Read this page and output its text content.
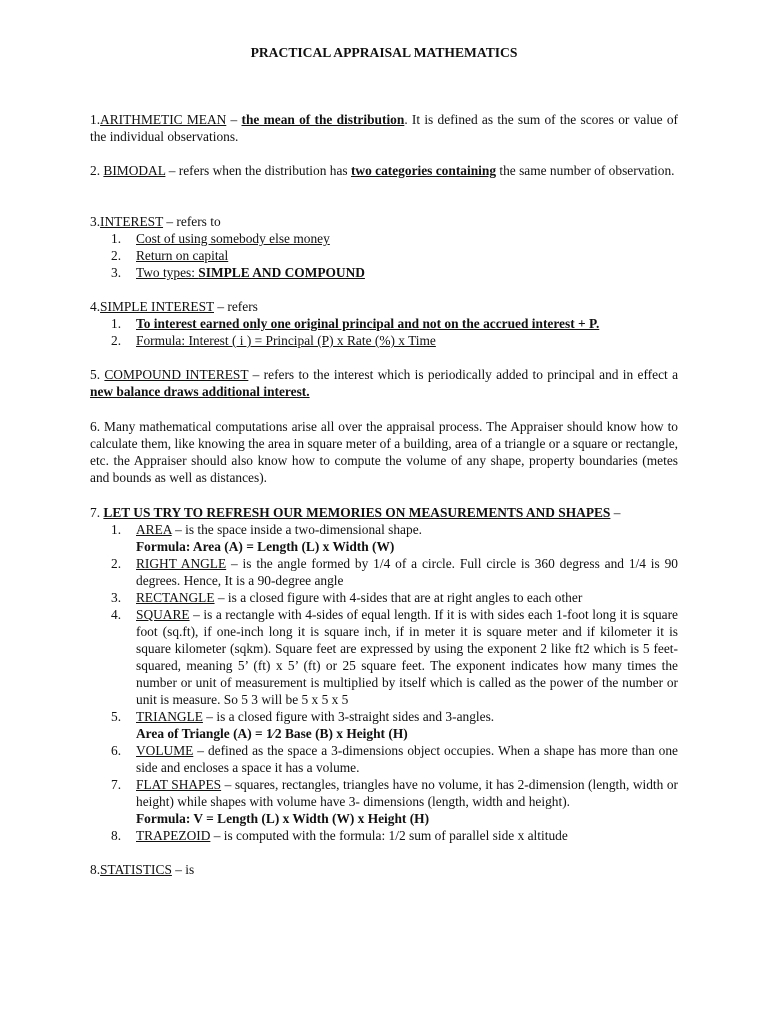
PRACTICAL APPRAISAL MATHEMATICS
1.ARITHMETIC MEAN – the mean of the distribution. It is defined as the sum of the scores or value of the individual observations.
2. BIMODAL – refers when the distribution has two categories containing the same number of observation.
3.INTEREST – refers to
1. Cost of using somebody else money
2. Return on capital
3. Two types: SIMPLE AND COMPOUND
4.SIMPLE INTEREST – refers
1. To interest earned only one original principal and not on the accrued interest + P.
2. Formula: Interest ( i ) = Principal (P) x Rate (%) x Time
5. COMPOUND INTEREST – refers to the interest which is periodically added to principal and in effect a new balance draws additional interest.
6. Many mathematical computations arise all over the appraisal process. The Appraiser should know how to calculate them, like knowing the area in square meter of a building, area of a triangle or a square or rectangle, etc. the Appraiser should also know how to compute the volume of any shape, property boundaries (metes and bounds as well as distances).
7. LET US TRY TO REFRESH OUR MEMORIES ON MEASUREMENTS AND SHAPES –
1. AREA – is the space inside a two-dimensional shape.
Formula: Area (A) = Length (L) x Width (W)
2. RIGHT ANGLE – is the angle formed by 1/4 of a circle. Full circle is 360 degress and 1/4 is 90 degrees. Hence, It is a 90-degree angle
3. RECTANGLE – is a closed figure with 4-sides that are at right angles to each other
4. SQUARE – is a rectangle with 4-sides of equal length. If it is with sides each 1-foot long it is square foot (sq.ft), if one-inch long it is square inch, if in meter it is square meter and if kilometer it is square kilometer (sqkm). Square feet are expressed by using the exponent 2 like ft2 which is 5 feet-squared, meaning 5’ (ft) x 5’ (ft) or 25 square feet. The exponent indicates how many times the number or unit of measurement is multiplied by itself which is called as the power of the number or unit is measure. So 5 3 will be 5 x 5 x 5
5. TRIANGLE – is a closed figure with 3-straight sides and 3-angles.
Area of Triangle (A) = 1⁄2 Base (B) x Height (H)
6. VOLUME – defined as the space a 3-dimensions object occupies. When a shape has more than one side and encloses a space it has a volume.
7. FLAT SHAPES – squares, rectangles, triangles have no volume, it has 2-dimension (length, width or height) while shapes with volume have 3- dimensions (length, width and height).
Formula: V = Length (L) x Width (W) x Height (H)
8. TRAPEZOID – is computed with the formula: 1/2 sum of parallel side x altitude
8.STATISTICS – is
